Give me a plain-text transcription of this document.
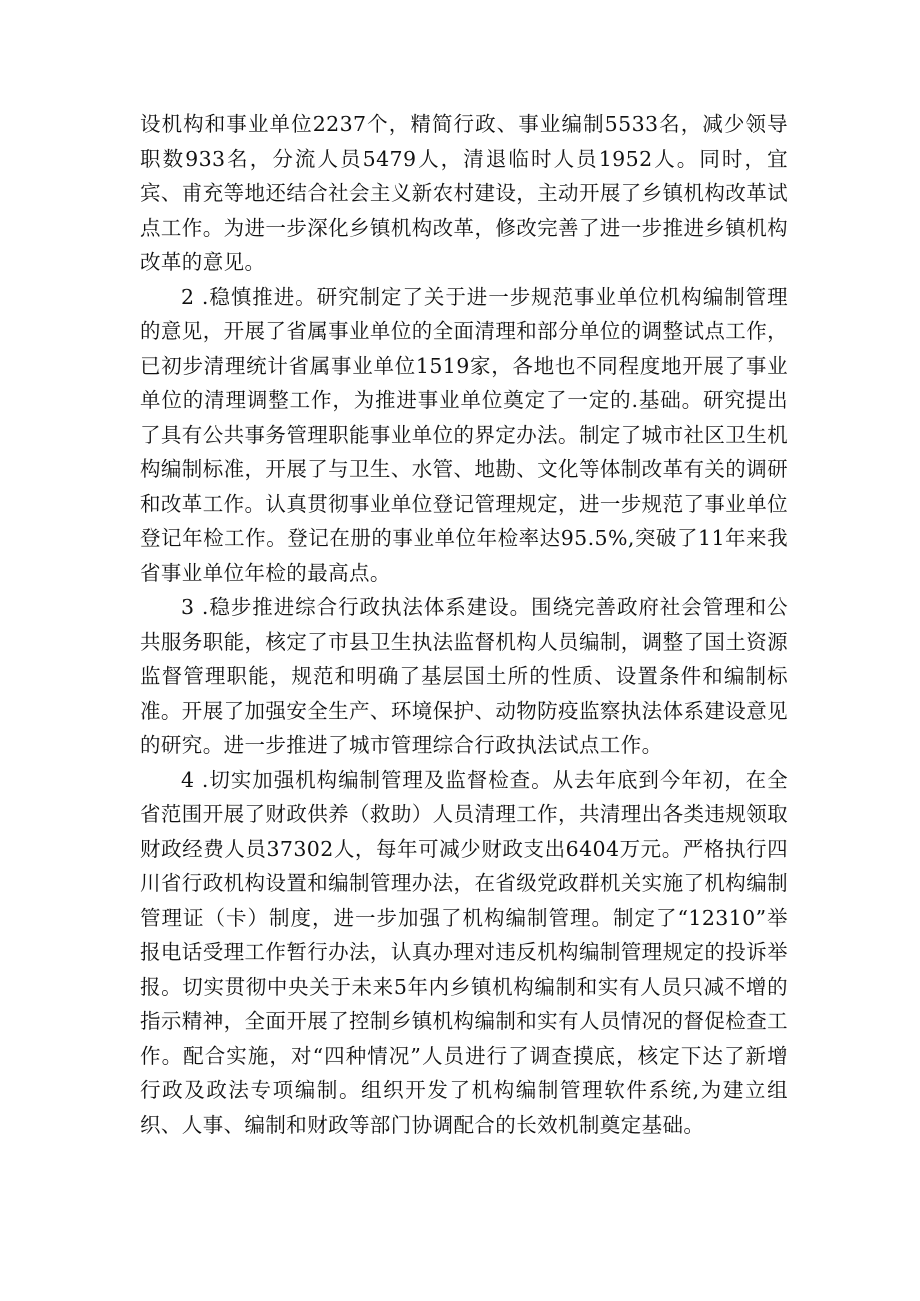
设机构和事业单位2237个，精简行政、事业编制5533名，减少领导职数933名，分流人员5479人，清退临时人员1952人。同时，宜宾、甫充等地还结合社会主义新农村建设，主动开展了乡镇机构改革试点工作。为进一步深化乡镇机构改革，修改完善了进一步推进乡镇机构改革的意见。

2 .稳慎推进。研究制定了关于进一步规范事业单位机构编制管理的意见，开展了省属事业单位的全面清理和部分单位的调整试点工作，已初步清理统计省属事业单位1519家，各地也不同程度地开展了事业单位的清理调整工作，为推进事业单位奠定了一定的.基础。研究提出了具有公共事务管理职能事业单位的界定办法。制定了城市社区卫生机构编制标准，开展了与卫生、水管、地勘、文化等体制改革有关的调研和改革工作。认真贯彻事业单位登记管理规定，进一步规范了事业单位登记年检工作。登记在册的事业单位年检率达95.5%,突破了11年来我省事业单位年检的最高点。

3 .稳步推进综合行政执法体系建设。围绕完善政府社会管理和公共服务职能，核定了市县卫生执法监督机构人员编制，调整了国土资源监督管理职能，规范和明确了基层国土所的性质、设置条件和编制标准。开展了加强安全生产、环境保护、动物防疫监察执法体系建设意见的研究。进一步推进了城市管理综合行政执法试点工作。

4 .切实加强机构编制管理及监督检查。从去年底到今年初，在全省范围开展了财政供养（救助）人员清理工作，共清理出各类违规领取财政经费人员37302人，每年可减少财政支出6404万元。严格执行四川省行政机构设置和编制管理办法，在省级党政群机关实施了机构编制管理证（卡）制度，进一步加强了机构编制管理。制定了“12310”举报电话受理工作暂行办法，认真办理对违反机构编制管理规定的投诉举报。切实贯彻中央关于未来5年内乡镇机构编制和实有人员只减不增的指示精神，全面开展了控制乡镇机构编制和实有人员情况的督促检查工作。配合实施，对“四种情况”人员进行了调查摸底，核定下达了新增行政及政法专项编制。组织开发了机构编制管理软件系统,为建立组织、人事、编制和财政等部门协调配合的长效机制奠定基础。
